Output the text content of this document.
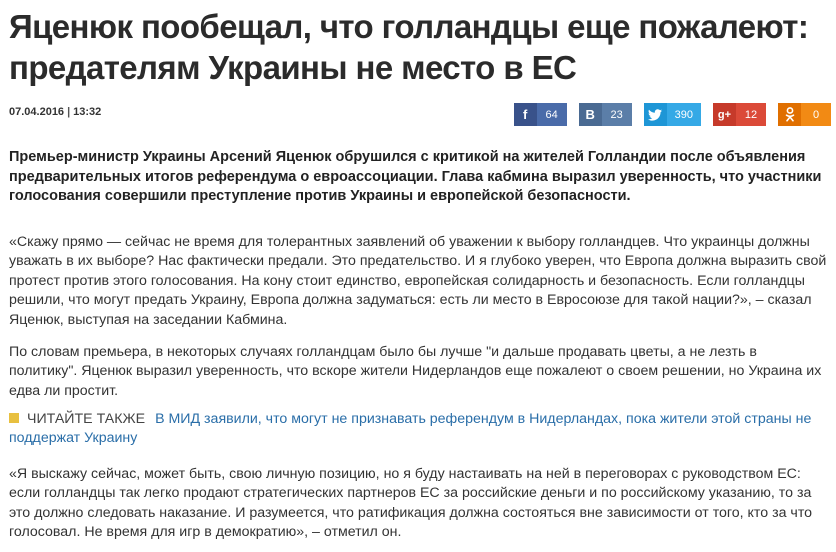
Яценюк пообещал, что голландцы еще пожалеют: предателям Украины не место в ЕС
07.04.2016 | 13:32	f	64	В	23	390	g+	12	0

Премьер-министр Украины Арсений Яценюк обрушился с критикой на жителей Голландии после объявления предварительных итогов референдума о евроассоциации. Глава кабмина выразил уверенность, что участники голосования совершили преступление против Украины и европейской безопасности.

«Скажу прямо — сейчас не время для толерантных заявлений об уважении к выбору голландцев. Что украинцы должны уважать в их выборе? Нас фактически предали. Это предательство. И я глубоко уверен, что Европа должна выразить свой протест против этого голосования. На кону стоит единство, европейская солидарность и безопасность. Если голландцы решили, что могут предать Украину, Европа должна задуматься: есть ли место в Евросоюзе для такой нации?», – сказал Яценюк, выступая на заседании Кабмина.

По словам премьера, в некоторых случаях голландцам было бы лучше "и дальше продавать цветы, а не лезть в политику". Яценюк выразил уверенность, что вскоре жители Нидерландов еще пожалеют о своем решении, но Украина их едва ли простит.

ЧИТАЙТЕ ТАКЖЕ В МИД заявили, что могут не признавать референдум в Нидерландах, пока жители этой страны не поддержат Украину

«Я выскажу сейчас, может быть, свою личную позицию, но я буду настаивать на ней в переговорах с руководством ЕС: если голландцы так легко продают стратегических партнеров ЕС за российские деньги и по российскому указанию, то за это должно следовать наказание. И разумеется, что ратификация должна состояться вне зависимости от того, кто за что голосовал. Не время для игр в демократию», – отметил он.
